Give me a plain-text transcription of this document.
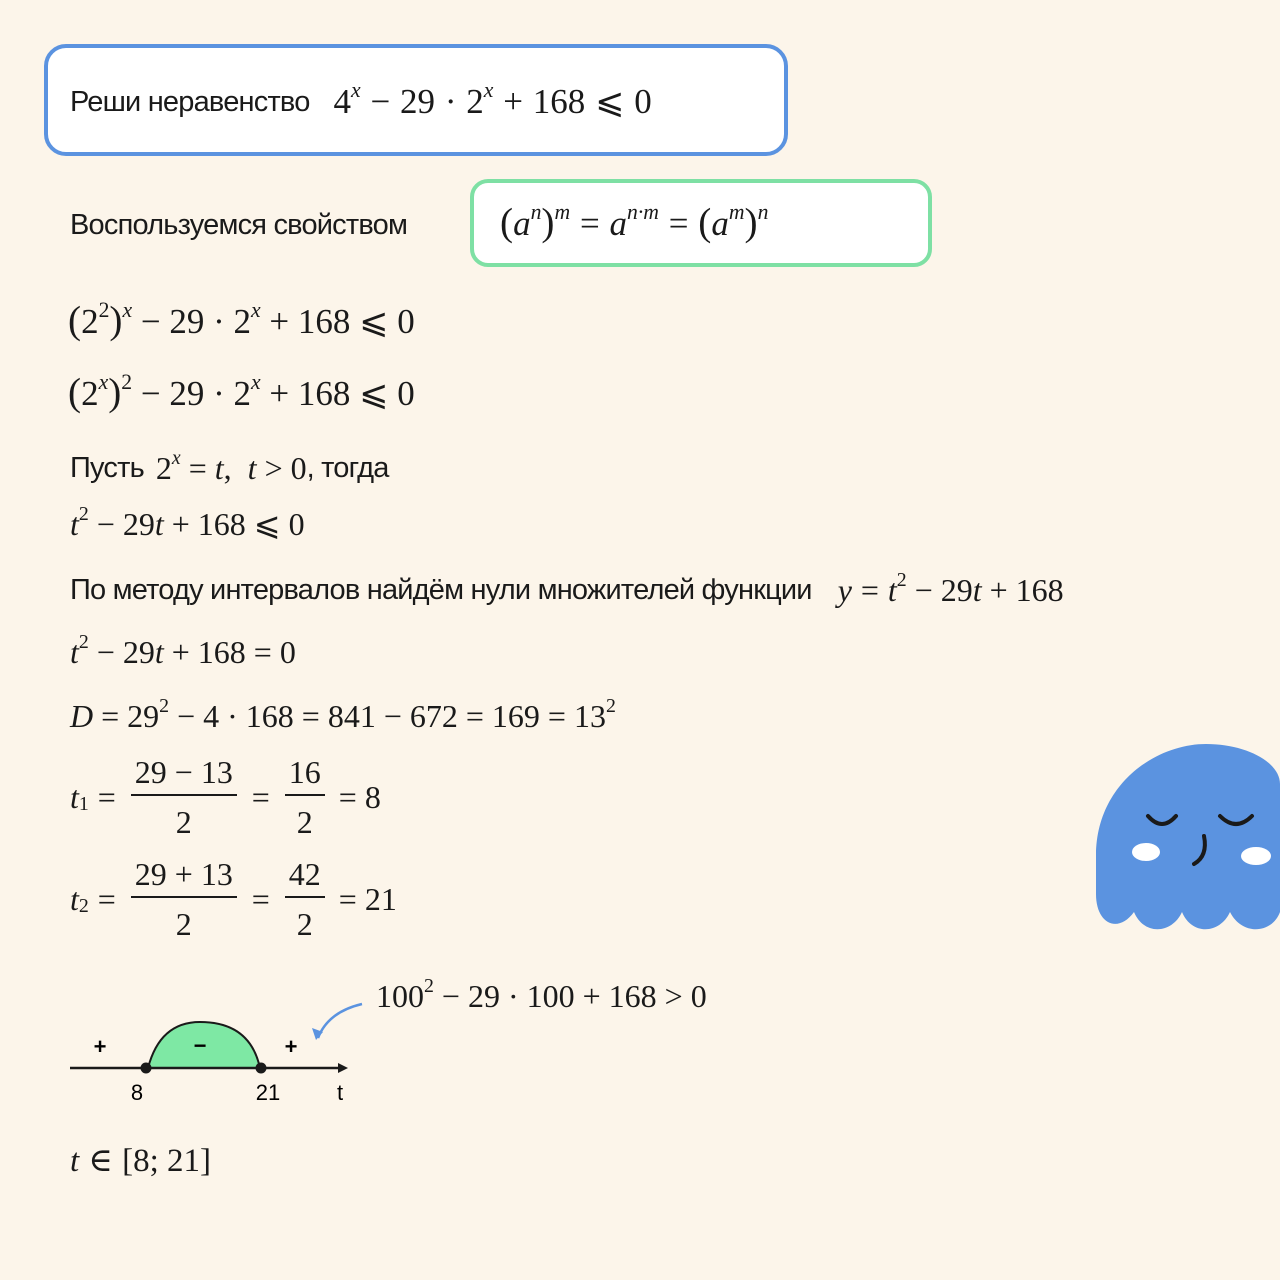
Реши неравенство $4^x - 29 \cdot 2^x + 168$ ⩽ 0
Воспользуемся свойством $(a^n)^m = a^{n\cdot m} = (a^m)^n$
$(2^2)^x - 29 \cdot 2^x + 168$ ⩽ 0
$(2^x)^2 - 29 \cdot 2^x + 168$ ⩽ 0
Пусть $2^x = t$, t > 0 , тогда
$t^2 - 29t + 168$ ⩽ 0
По методу интервалов найдём нули множителей функции $y = t^2 - 29t + 168$
$t^2 - 29t + 168 = 0$
$D = 29^2 - 4 \cdot 168 = 841 - 672 = 169 = 13^2$
$t_1 = \frac{29 - 13}{2} = \frac{16}{2} = 8$
$t_2 = \frac{29 + 13}{2} = \frac{42}{2} = 21$
$100^2 - 29 \cdot 100 + 168 > 0$
+	−	+
8	21	t
t ∈ [8; 21]
